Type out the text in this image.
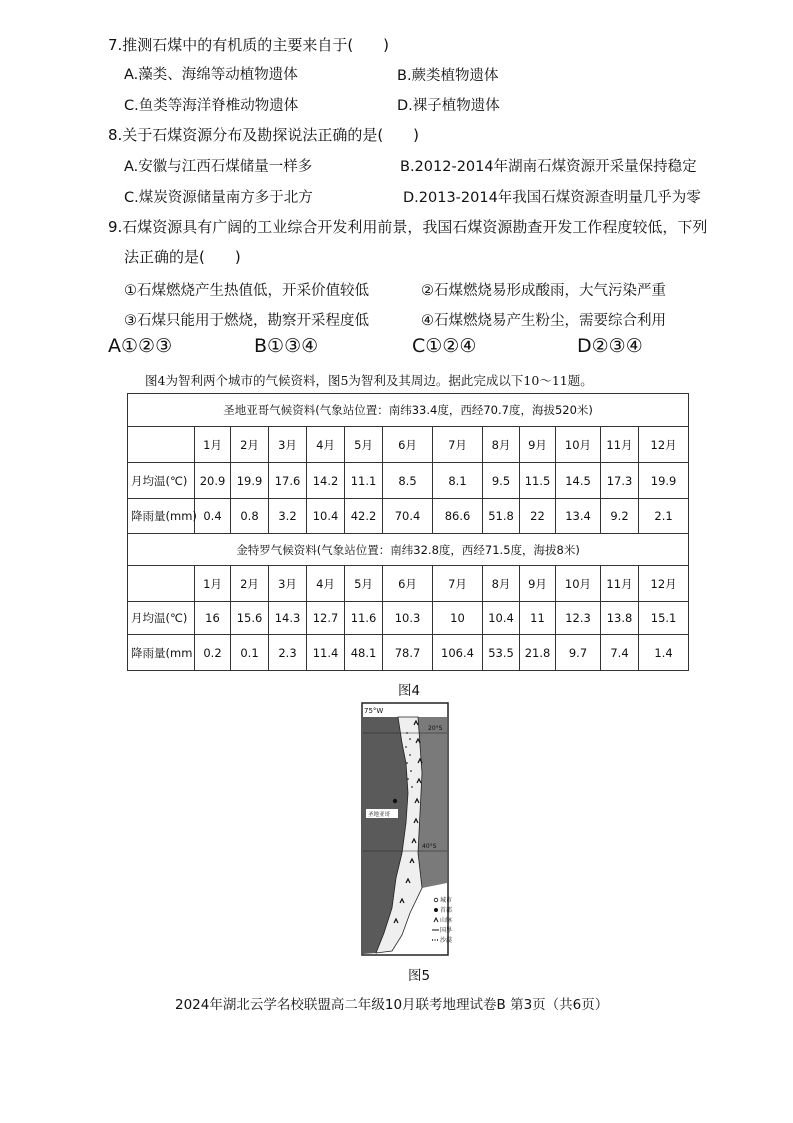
7.推测石煤中的有机质的主要来自于(　　)
A.藻类、海绵等动植物遗体	B.蕨类植物遗体
C.鱼类等海洋脊椎动物遗体	D.裸子植物遗体
8.关于石煤资源分布及勘探说法正确的是(　　)
A.安徽与江西石煤储量一样多	B.2012-2014年湖南石煤资源开采量保持稳定
C.煤炭资源储量南方多于北方	D.2013-2014年我国石煤资源查明量几乎为零
9.石煤资源具有广阔的工业综合开发利用前景，我国石煤资源勘查开发工作程度较低，下列
法正确的是(　　)
①石煤燃烧产生热值低，开采价值较低	②石煤燃烧易形成酸雨，大气污染严重
③石煤只能用于燃烧，勘察开采程度低	④石煤燃烧易产生粉尘，需要综合利用
A①②③	B①③④	C①②④	D②③④
图4为智利两个城市的气候资料，图5为智利及其周边。据此完成以下10～11题。
圣地亚哥气候资料(气象站位置：南纬33.4度，西经70.7度，海拔520米)												
	1月	2月	3月	4月	5月	6月	7月	8月	9月	10月	11月	12月
月均温(℃)	20.9	19.9	17.6	14.2	11.1	8.5	8.1	9.5	11.5	14.5	17.3	19.9
降雨量(mm)	0.4	0.8	3.2	10.4	42.2	70.4	86.6	51.8	22	13.4	9.2	2.1
金特罗气候资料(气象站位置：南纬32.8度，西经71.5度，海拔8米)												
	1月	2月	3月	4月	5月	6月	7月	8月	9月	10月	11月	12月
月均温(℃)	16	15.6	14.3	12.7	11.6	10.3	10	10.4	11	12.3	13.8	15.1
降雨量(mm	0.2	0.1	2.3	11.4	48.1	78.7	106.4	53.5	21.8	9.7	7.4	1.4
图4
75°W
20°S
40°S
圣地亚哥
城市
首都
山脉
国界
沙漠
图5
2024年湖北云学名校联盟高二年级10月联考地理试卷B 第3页（共6页）
